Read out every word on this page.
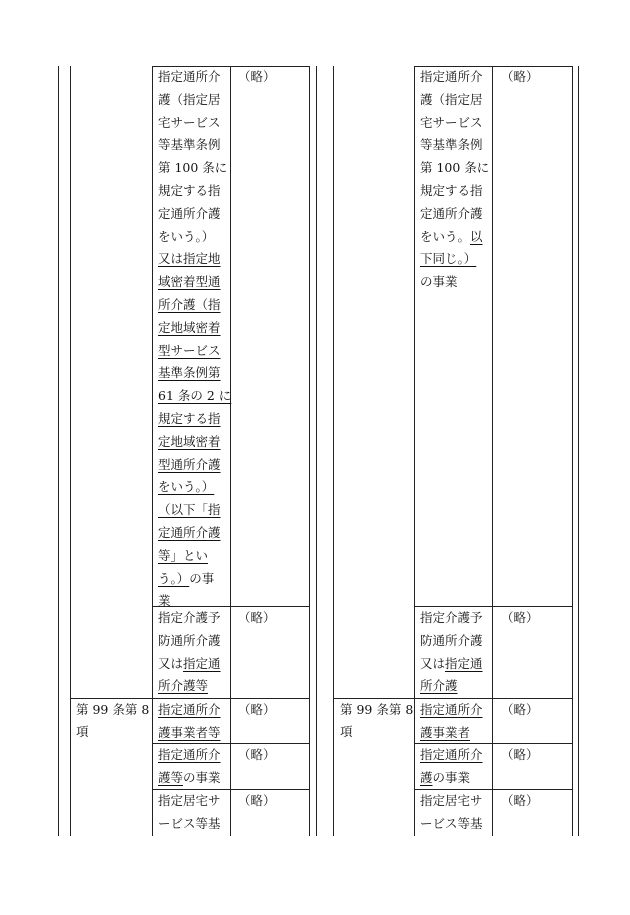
指定通所介
護（指定居
宅サービス
等基準条例
第 100 条に
規定する指
定通所介護
をいう。）
又は指定地
域密着型通
所介護（指
定地域密着
型サービス
基準条例第
61 条の 2 に
規定する指
定地域密着
型通所介護
をいう。）
（以下「指
定通所介護
等」とい
う。）の事
業
（略）
指定介護予
防通所介護
又は指定通
所介護等
（略）
第 99 条第 8
項
指定通所介
護事業者等
（略）
指定通所介
護等の事業
（略）
指定居宅サ
ービス等基
（略）
指定通所介
護（指定居
宅サービス
等基準条例
第 100 条に
規定する指
定通所介護
をいう。以
下同じ。）
の事業
（略）
指定介護予
防通所介護
又は指定通
所介護
（略）
第 99 条第 8
項
指定通所介
護事業者
（略）
指定通所介
護の事業
（略）
指定居宅サ
ービス等基
（略）
